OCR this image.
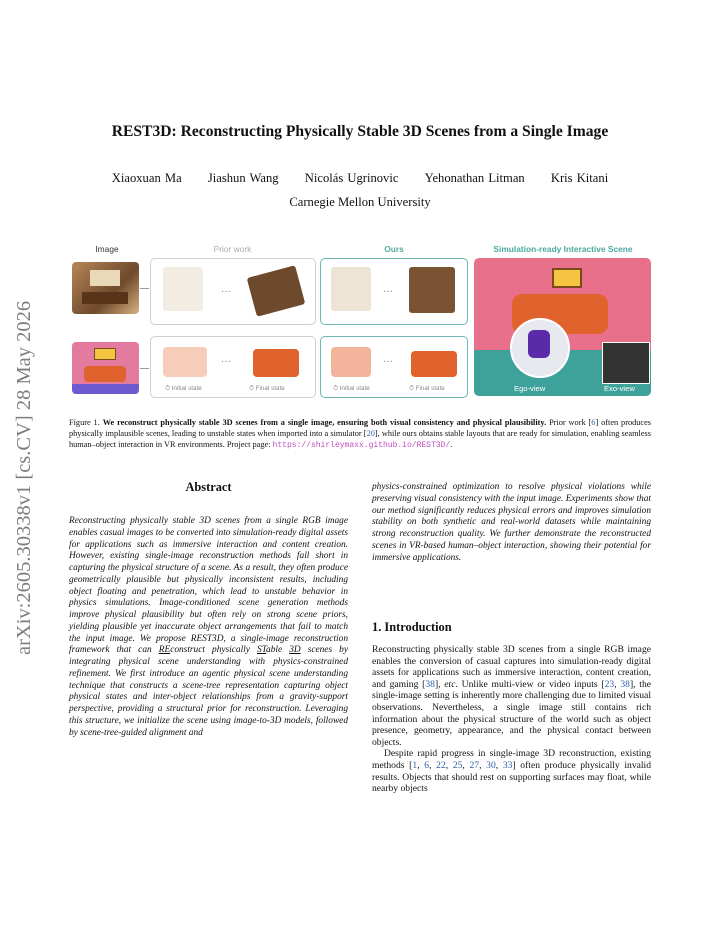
arXiv:2605.30338v1 [cs.CV] 28 May 2026
REST3D: Reconstructing Physically Stable 3D Scenes from a Single Image
Xiaoxuan Ma Jiashun Wang Nicolás Ugrinovic Yehonathan Litman Kris Kitani
Carnegie Mellon University
Image	Prior work	Ours	Simulation-ready Interactive Scene
···
···
⏱ Initial state	⏱ Final state
···
···
⏱ Initial state	⏱ Final state	Ego-view	Exo-view
Figure 1. We reconstruct physically stable 3D scenes from a single image, ensuring both visual consistency and physical plausibility. Prior work [6] often produces physically implausible scenes, leading to unstable states when imported into a simulator [20], while ours obtains stable layouts that are ready for simulation, enabling seamless human–object interaction in VR environments. Project page: https://shirleymaxx.github.io/REST3D/.
Abstract
Reconstructing physically stable 3D scenes from a single RGB image enables casual images to be converted into simulation-ready digital assets for applications such as immersive interaction and content creation. However, existing single-image reconstruction methods fall short in capturing the physical structure of a scene. As a result, they often produce geometrically plausible but physically inconsistent results, including object floating and penetration, which lead to unstable behavior in physics simulations. Image-conditioned scene generation methods improve physical plausibility but often rely on strong scene priors, yielding plausible yet inaccurate object arrangements that fail to match the input image. We propose REST3D, a single-image reconstruction framework that can REconstruct physically STable 3D scenes by integrating physical scene understanding with physics-constrained refinement. We first introduce an agentic physical scene understanding technique that constructs a scene-tree representation capturing object physical states and inter-object relationships from a gravity-support perspective, providing a structural prior for reconstruction. Leveraging this structure, we initialize the scene using image-to-3D models, followed by scene-tree-guided alignment and
physics-constrained optimization to resolve physical violations while preserving visual consistency with the input image. Experiments show that our method significantly reduces physical errors and improves simulation stability on both synthetic and real-world datasets while maintaining strong reconstruction quality. We further demonstrate the reconstructed scenes in VR-based human–object interaction, showing their potential for immersive applications.
1. Introduction

Reconstructing physically stable 3D scenes from a single RGB image enables the conversion of casual captures into simulation-ready digital assets for applications such as immersive interaction, content creation, and gaming [38], etc. Unlike multi-view or video inputs [23, 38], the single-image setting is inherently more challenging due to limited visual observations. Nevertheless, a single image still contains rich information about the physical structure of the world such as object presence, geometry, appearance, and the physical contact between objects.

Despite rapid progress in single-image 3D reconstruction, existing methods [1, 6, 22, 25, 27, 30, 33] often produce physically invalid results. Objects that should rest on supporting surfaces may float, while nearby objects
